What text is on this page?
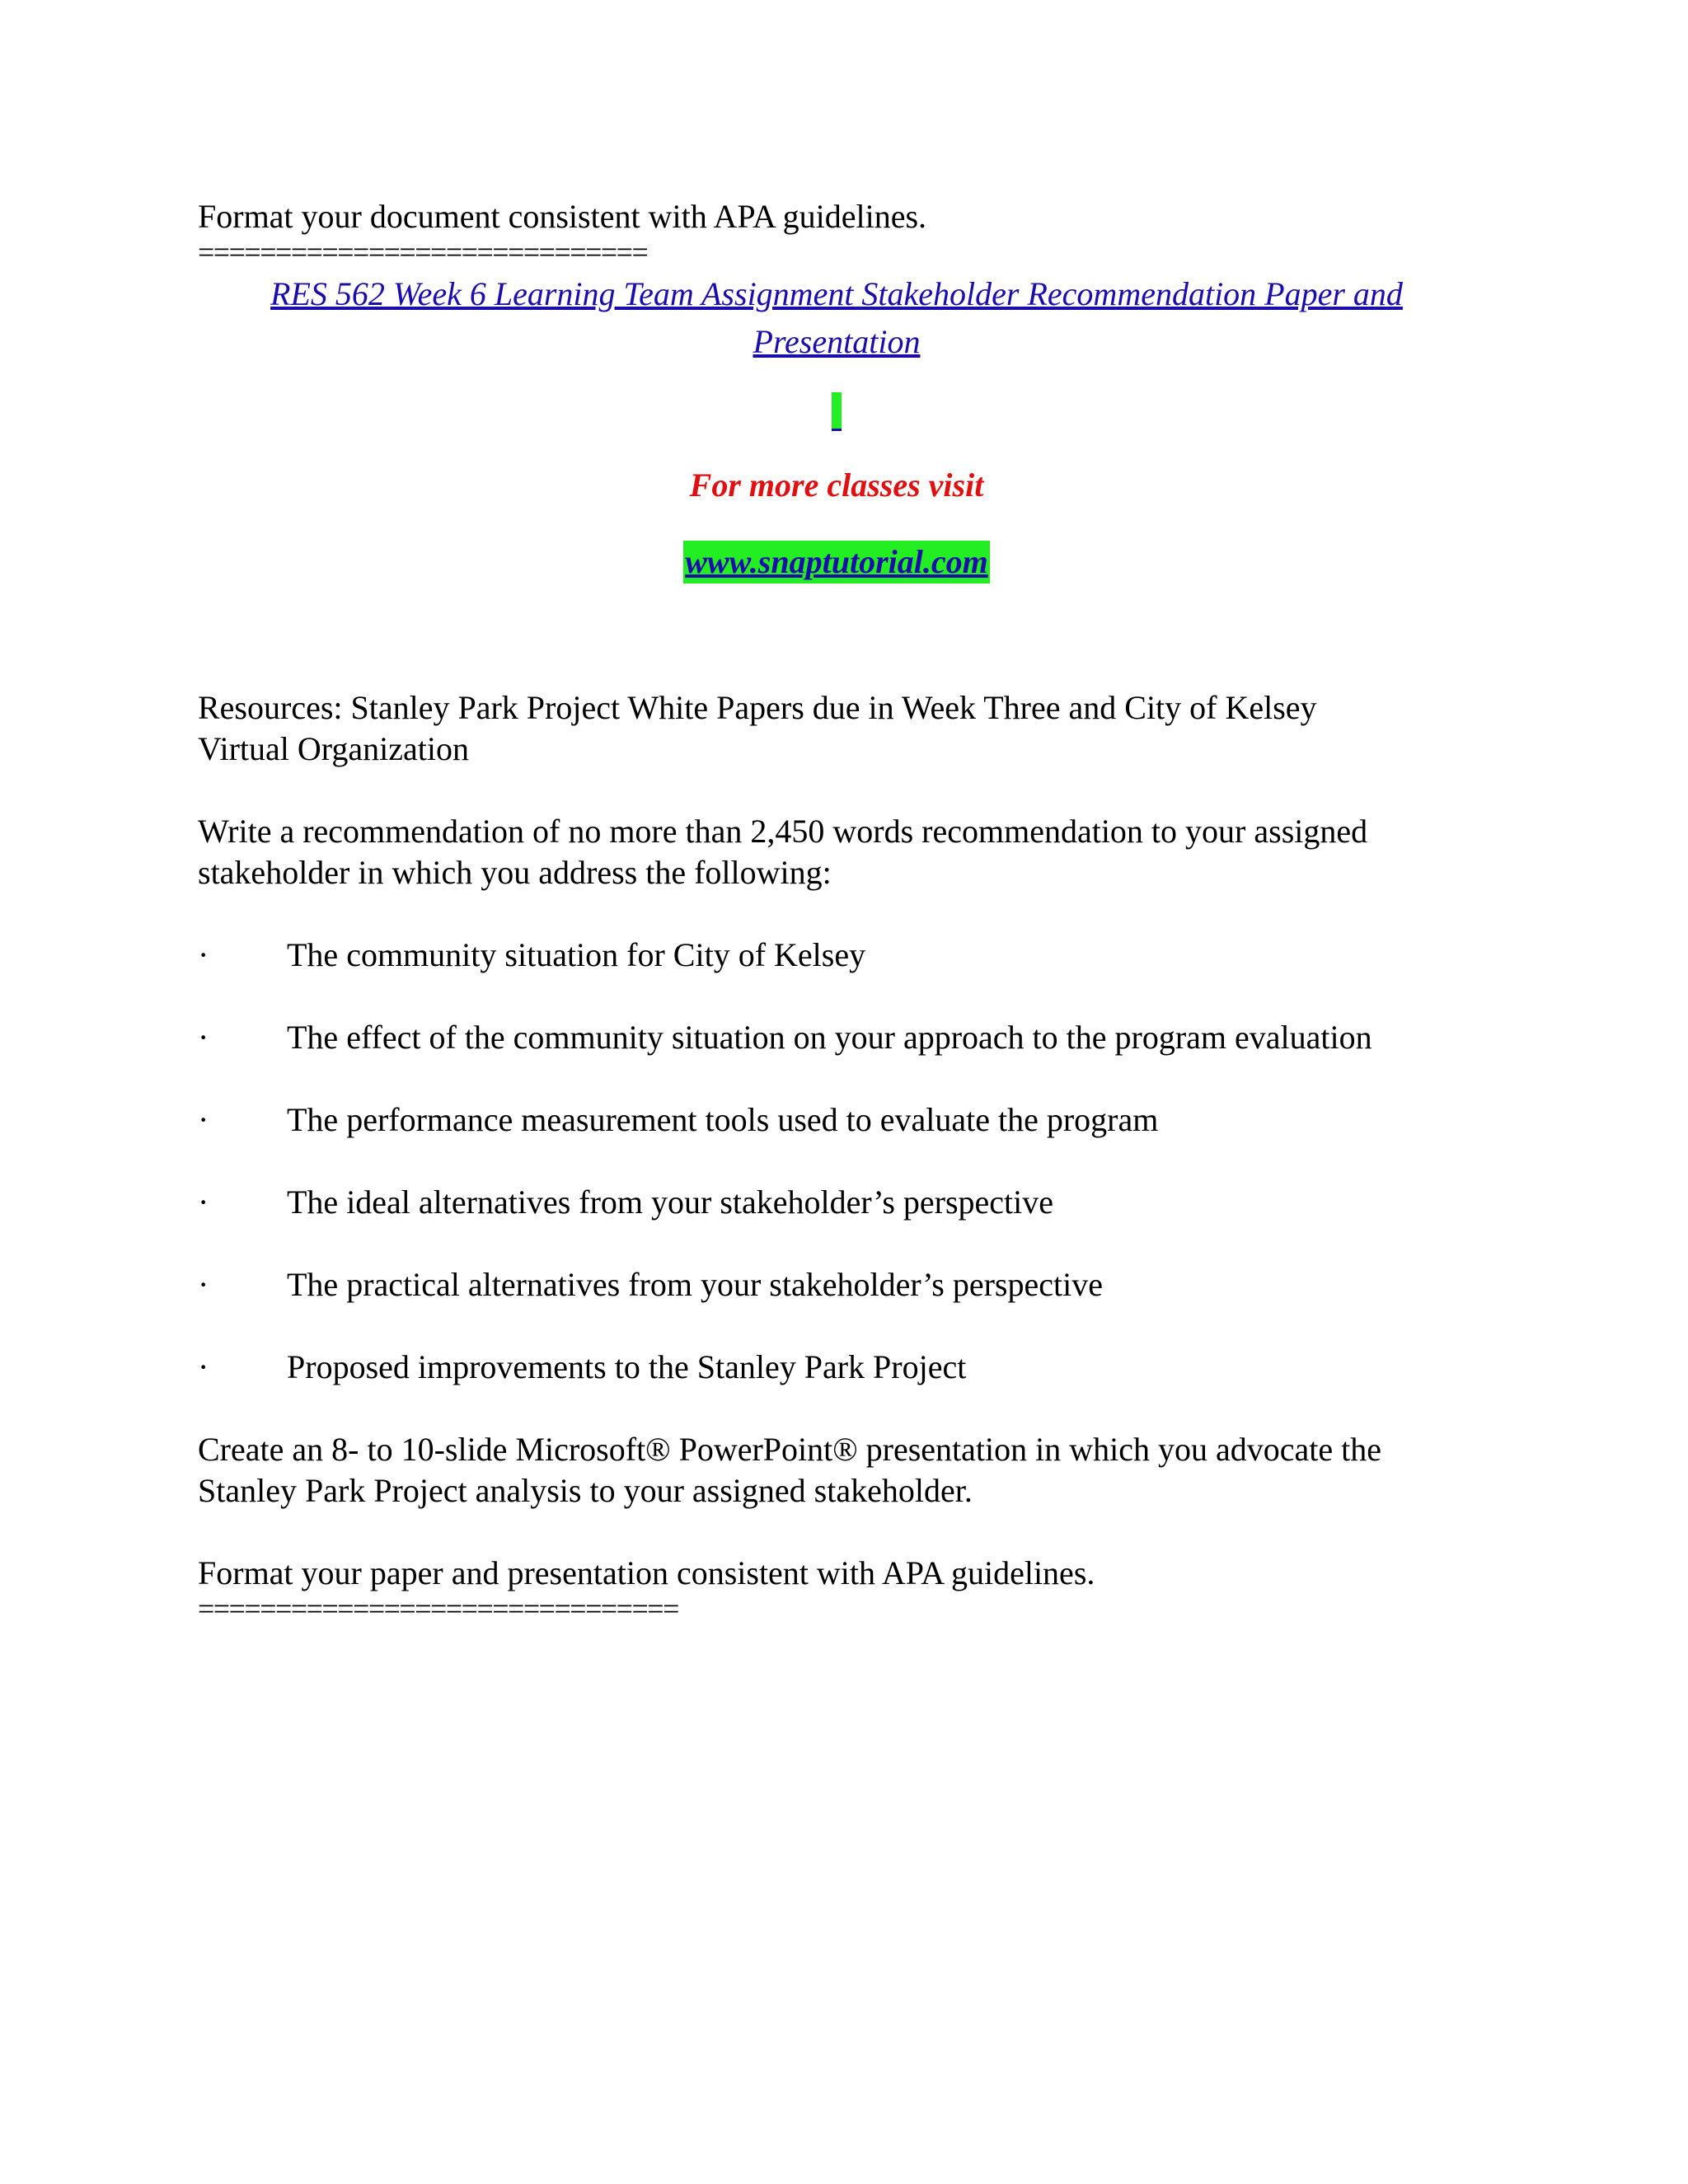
Format your document consistent with APA guidelines.

=============================

RES 562 Week 6 Learning Team Assignment Stakeholder Recommendation Paper and
Presentation
For more classes visit
www.snaptutorial.com

Resources: Stanley Park Project White Papers due in Week Three and City of Kelsey

Virtual Organization

Write a recommendation of no more than 2,450 words recommendation to your assigned

stakeholder in which you address the following:

·	The community situation for City of Kelsey
·	The effect of the community situation on your approach to the program evaluation
·	The performance measurement tools used to evaluate the program
·	The ideal alternatives from your stakeholder’s perspective
·	The practical alternatives from your stakeholder’s perspective
·	Proposed improvements to the Stanley Park Project

Create an 8- to 10-slide Microsoft® PowerPoint® presentation in which you advocate the

Stanley Park Project analysis to your assigned stakeholder.

Format your paper and presentation consistent with APA guidelines.

===============================
